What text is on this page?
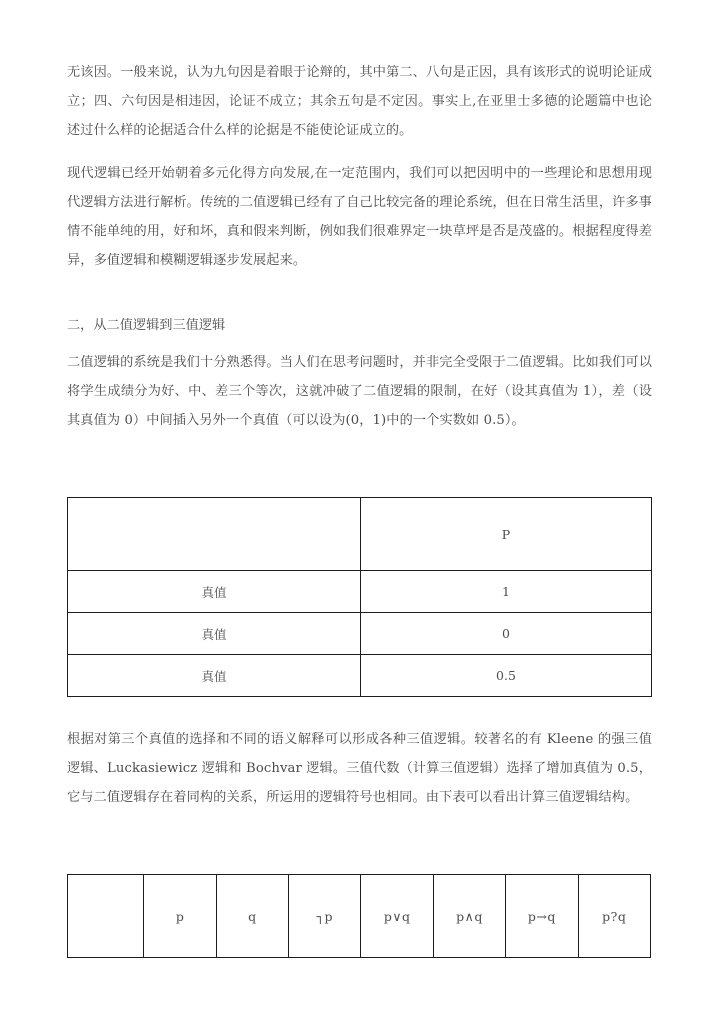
无该因。一般来说，认为九句因是着眼于论辩的，其中第二、八句是正因，具有该形式的说明论证成立；四、六句因是相违因，论证不成立；其余五句是不定因。事实上,在亚里士多德的论题篇中也论述过什么样的论据适合什么样的论据是不能使论证成立的。

现代逻辑已经开始朝着多元化得方向发展,在一定范围内，我们可以把因明中的一些理论和思想用现代逻辑方法进行解析。传统的二值逻辑已经有了自己比较完备的理论系统，但在日常生活里，许多事情不能单纯的用，好和坏，真和假来判断，例如我们很难界定一块草坪是否是茂盛的。根据程度得差异，多值逻辑和模糊逻辑逐步发展起来。

二，从二值逻辑到三值逻辑

二值逻辑的系统是我们十分熟悉得。当人们在思考问题时，并非完全受限于二值逻辑。比如我们可以将学生成绩分为好、中、差三个等次，这就冲破了二值逻辑的限制，在好（设其真值为 1），差（设其真值为 0）中间插入另外一个真值（可以设为(0，1)中的一个实数如 0.5）。

	P
真值	1
真值	0
真值	0.5

根据对第三个真值的选择和不同的语义解释可以形成各种三值逻辑。较著名的有 Kleene 的强三值逻辑、Luckasiewicz 逻辑和 Bochvar 逻辑。三值代数（计算三值逻辑）选择了增加真值为 0.5，它与二值逻辑存在着同构的关系，所运用的逻辑符号也相同。由下表可以看出计算三值逻辑结构。

	p	q	┐p	p∨q	p∧q	p→q	p?q
